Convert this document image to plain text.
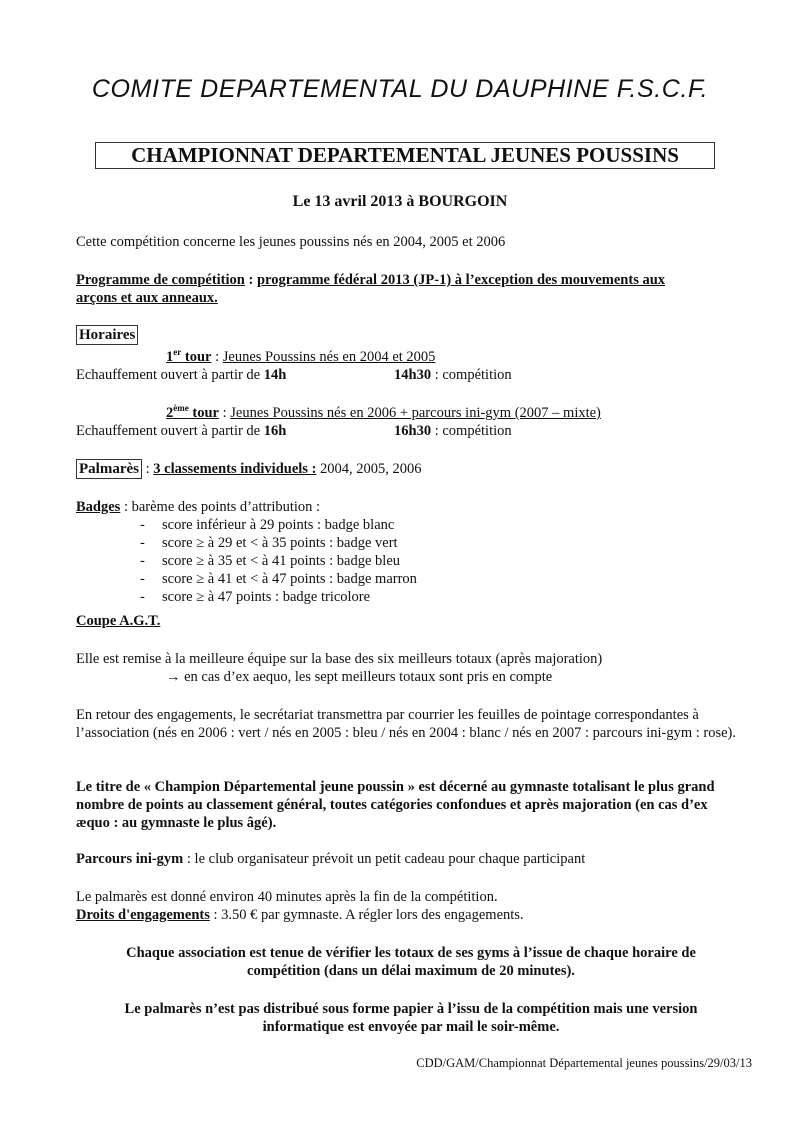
COMITE DEPARTEMENTAL DU DAUPHINE F.S.C.F.
CHAMPIONNAT DEPARTEMENTAL JEUNES POUSSINS
Le 13 avril 2013 à BOURGOIN
Cette compétition concerne les jeunes poussins nés en 2004, 2005 et 2006
Programme de compétition : programme fédéral 2013 (JP-1) à l’exception des mouvements aux
arçons et aux anneaux.
Horaires
1er tour : Jeunes Poussins nés en 2004 et 2005
Echauffement ouvert à partir de 14h	14h30 : compétition
2ème tour : Jeunes Poussins nés en 2006 + parcours ini-gym (2007 – mixte)
Echauffement ouvert à partir de 16h	16h30 : compétition
Palmarès : 3 classements individuels : 2004, 2005, 2006
Badges : barème des points d’attribution :
- score inférieur à 29 points : badge blanc
- score ≥ à 29 et < à 35 points : badge vert
- score ≥ à 35 et < à 41 points : badge bleu
- score ≥ à 41 et < à 47 points : badge marron
- score ≥ à 47 points : badge tricolore
Coupe A.G.T.
Elle est remise à la meilleure équipe sur la base des six meilleurs totaux (après majoration)
→ en cas d’ex aequo, les sept meilleurs totaux sont pris en compte
En retour des engagements, le secrétariat transmettra par courrier les feuilles de pointage correspondantes à l’association (nés en 2006 : vert / nés en 2005 : bleu / nés en 2004 : blanc / nés en 2007 : parcours ini-gym : rose).
Le titre de « Champion Départemental jeune poussin » est décerné au gymnaste totalisant le plus grand nombre de points au classement général, toutes catégories confondues et après majoration (en cas d’ex æquo : au gymnaste le plus âgé).
Parcours ini-gym : le club organisateur prévoit un petit cadeau pour chaque participant
Le palmarès est donné environ 40 minutes après la fin de la compétition.
Droits d'engagements : 3.50 € par gymnaste. A régler lors des engagements.
Chaque association est tenue de vérifier les totaux de ses gyms à l’issue de chaque horaire de compétition (dans un délai maximum de 20 minutes).
Le palmarès n’est pas distribué sous forme papier à l’issu de la compétition mais une version informatique est envoyée par mail le soir-même.
CDD/GAM/Championnat Départemental jeunes poussins/29/03/13
